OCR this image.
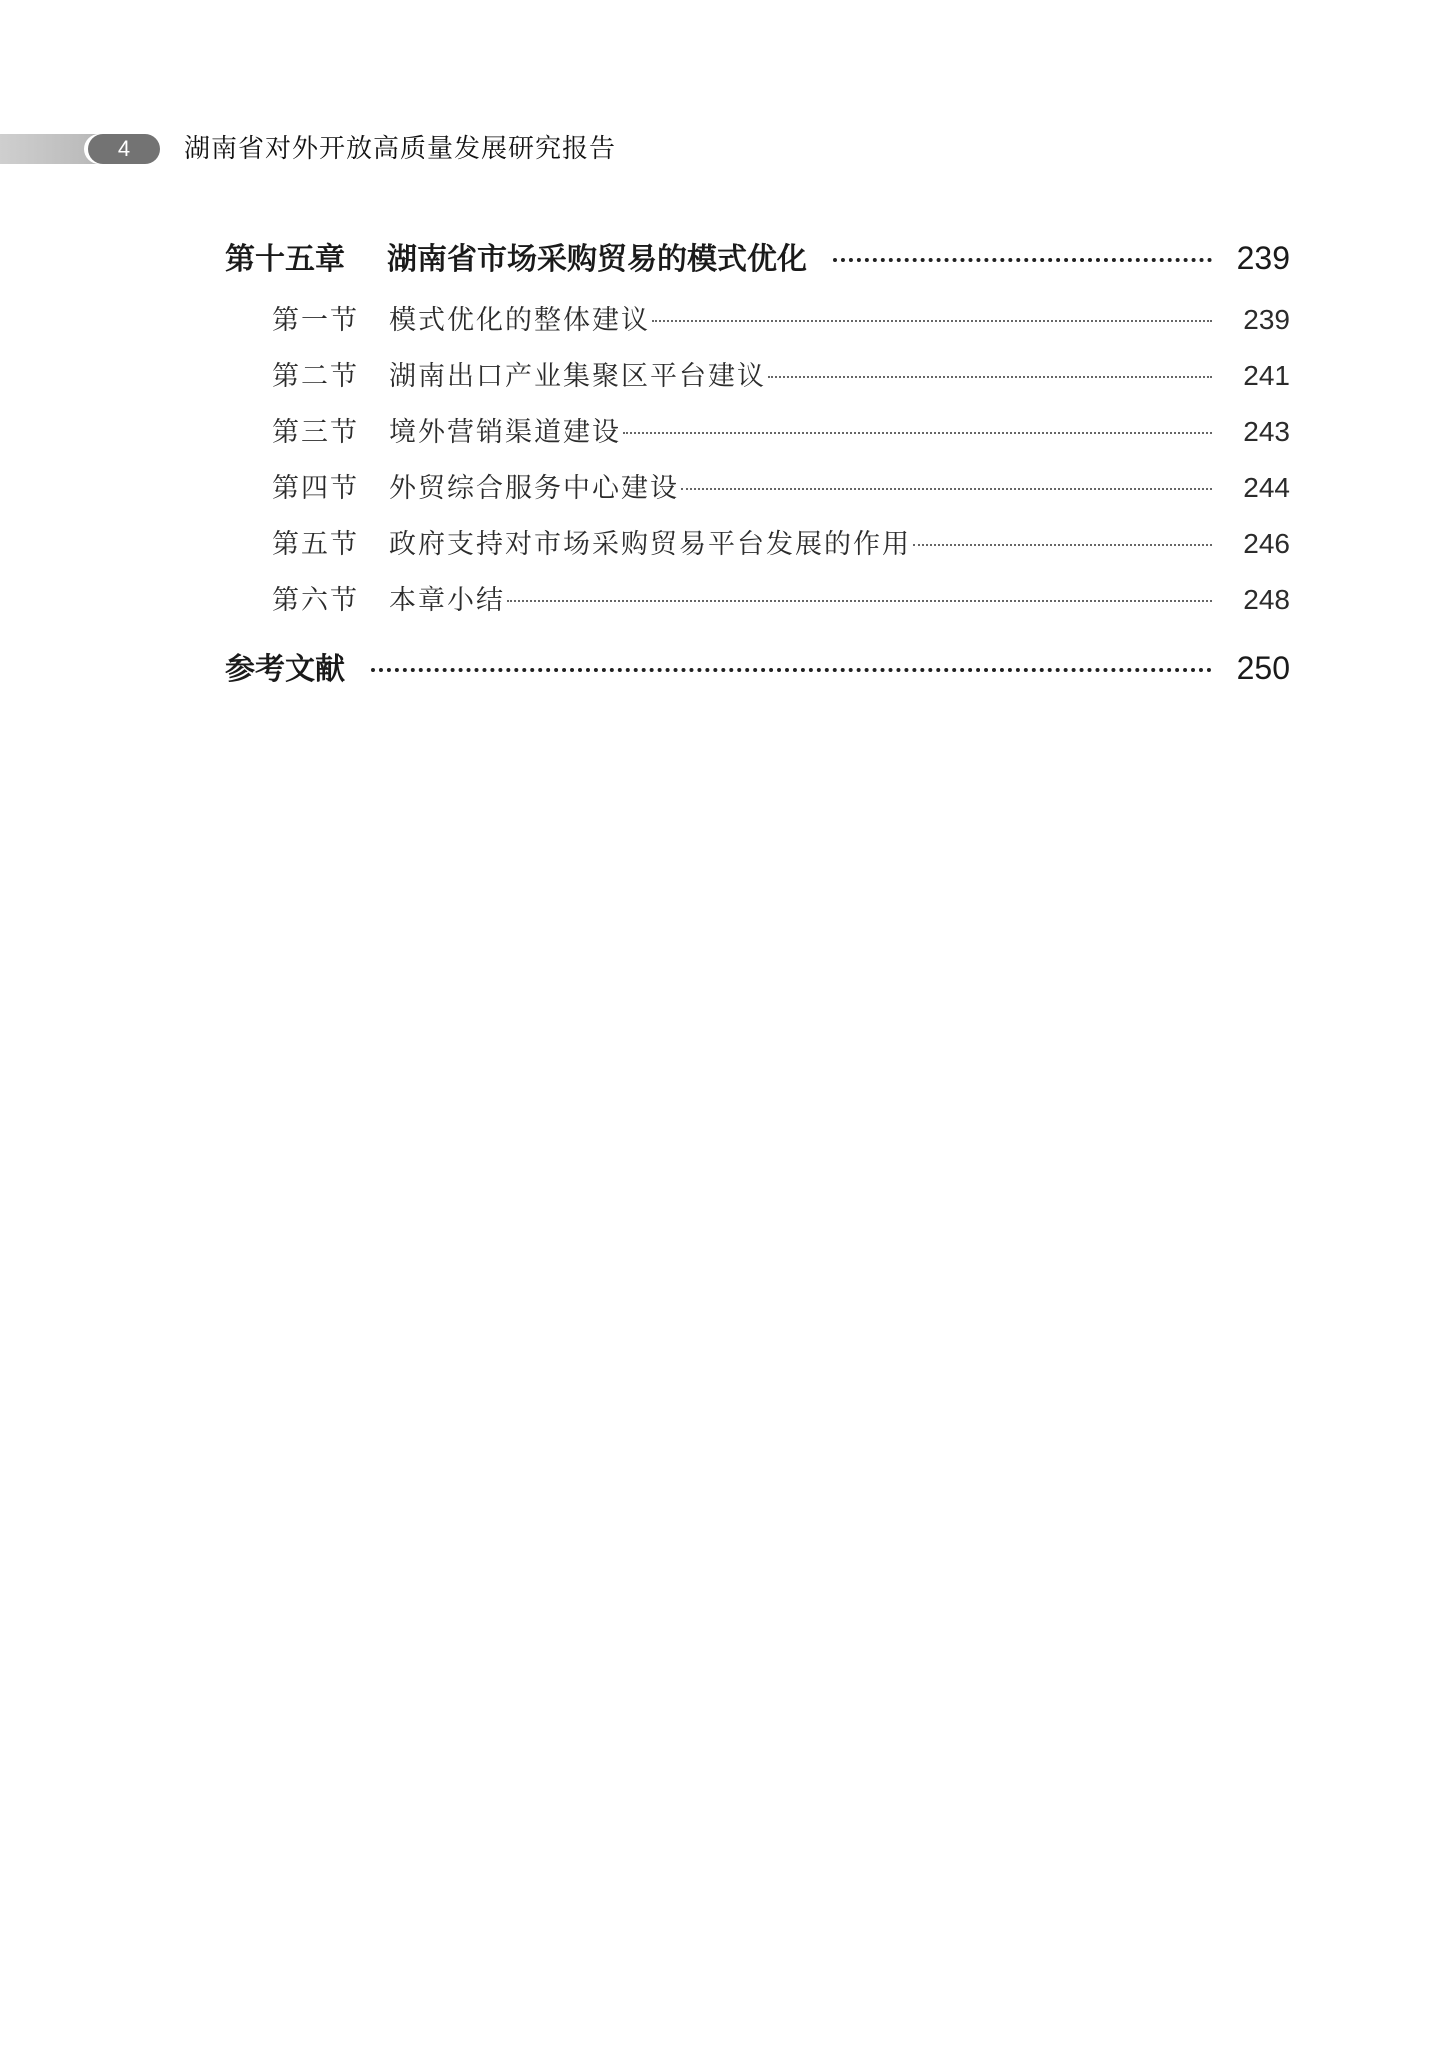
4	湖南省对外开放高质量发展研究报告
第十五章	湖南省市场采购贸易的模式优化	239
第一节	模式优化的整体建议	239
第二节	湖南出口产业集聚区平台建议	241
第三节	境外营销渠道建设	243
第四节	外贸综合服务中心建设	244
第五节	政府支持对市场采购贸易平台发展的作用	246
第六节	本章小结	248
参考文献	250
